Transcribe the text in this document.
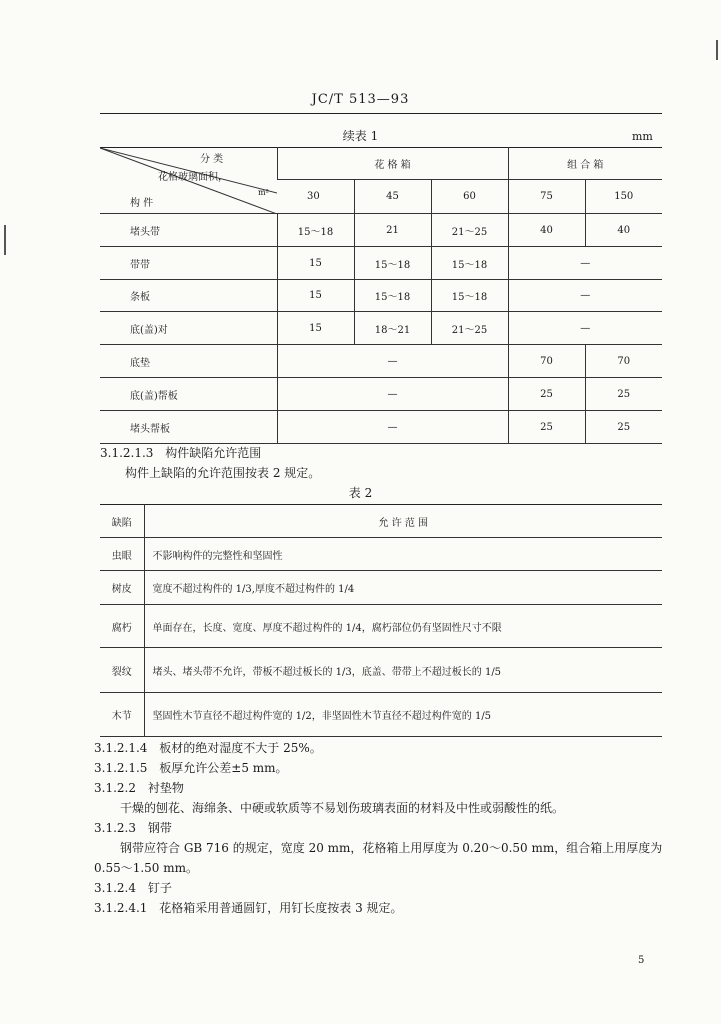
JC/T 513—93
续表 1	mm
分 类
花格玻璃面积，
m²
构 件	花 格 箱			组 合 箱	
	30	45	60	75	150
堵头带	15～18	21	21～25	40	40
带带	15	15～18	15～18	—	
条板	15	15～18	15～18	—	
底(盖)对	15	18～21	21～25	—	
底垫	—			70	70
底(盖)帮板	—			25	25
堵头帮板	—			25	25
3.1.2.1.3 构件缺陷允许范围
构件上缺陷的允许范围按表 2 规定。
表 2
缺陷	允 许 范 围
虫眼	不影响构件的完整性和坚固性
树皮	宽度不超过构件的 1/3,厚度不超过构件的 1/4
腐朽	单面存在，长度、宽度、厚度不超过构件的 1/4，腐朽部位仍有坚固性尺寸不限
裂纹	堵头、堵头带不允许，带板不超过板长的 1/3，底盖、带带上不超过板长的 1/5
木节	坚固性木节直径不超过构件宽的 1/2，非坚固性木节直径不超过构件宽的 1/5
3.1.2.1.4 板材的绝对湿度不大于 25%。
3.1.2.1.5 板厚允许公差±5 mm。
3.1.2.2 衬垫物
干燥的刨花、海绵条、中硬或软质等不易划伤玻璃表面的材料及中性或弱酸性的纸。
3.1.2.3 钢带
钢带应符合 GB 716 的规定，宽度 20 mm，花格箱上用厚度为 0.20～0.50 mm，组合箱上用厚度为
0.55～1.50 mm。
3.1.2.4 钉子
3.1.2.4.1 花格箱采用普通圆钉，用钉长度按表 3 规定。
5
